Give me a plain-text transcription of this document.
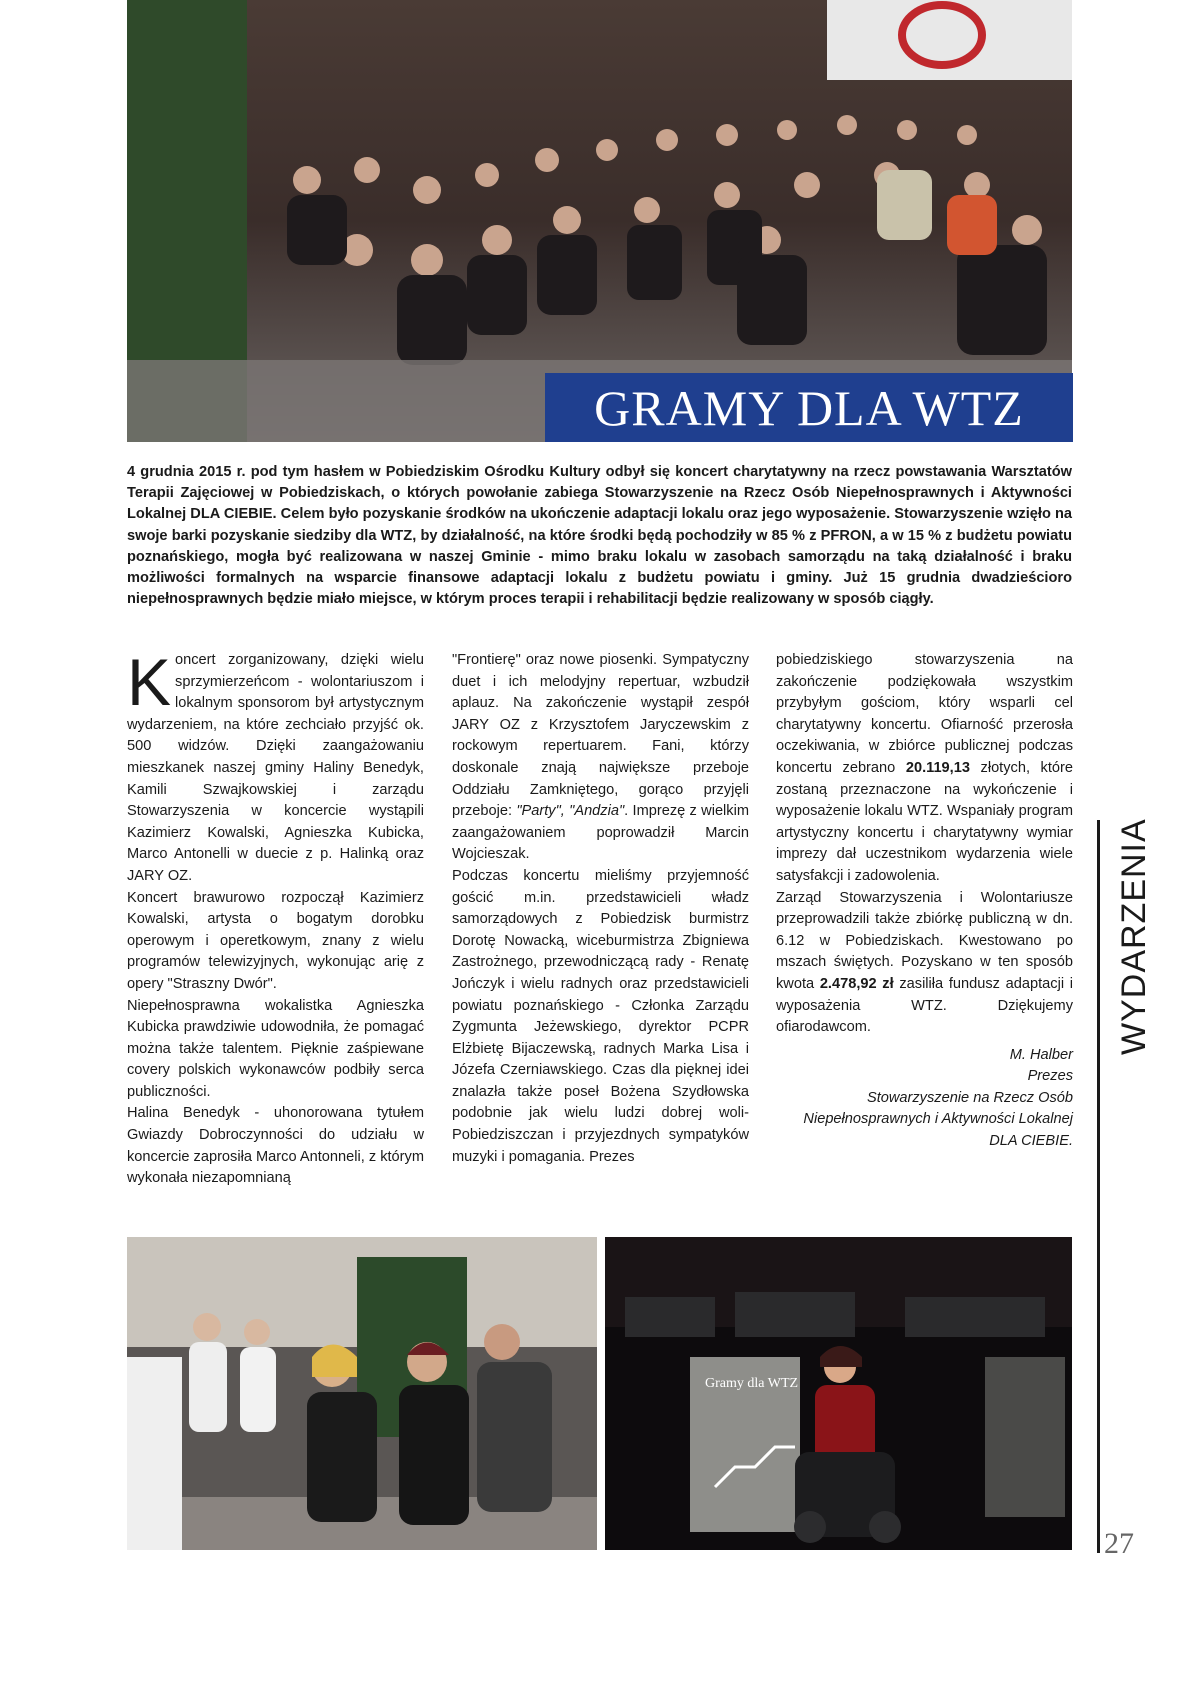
GRAMY DLA WTZ

4 grudnia 2015 r. pod tym hasłem w Pobiedziskim Ośrodku Kultury odbył się koncert charytatywny na rzecz powstawania Warsztatów Terapii Zajęciowej w Pobiedziskach, o których powołanie zabiega Stowarzyszenie na Rzecz Osób Niepełnosprawnych i Aktywności Lokalnej DLA CIEBIE. Celem było pozyskanie środków na ukończenie adaptacji lokalu oraz jego wyposażenie. Stowarzyszenie wzięło na swoje barki pozyskanie siedziby dla WTZ, by działalność, na które środki będą pochodziły w 85 % z PFRON, a w 15 % z budżetu powiatu poznańskiego, mogła być realizowana w naszej Gminie - mimo braku lokalu w zasobach samorządu na taką działalność i braku możliwości formalnych na wsparcie finansowe adaptacji lokalu z budżetu powiatu i gminy. Już 15 grudnia dwadzieścioro niepełnosprawnych będzie miało miejsce, w którym proces terapii i rehabilitacji będzie realizowany w sposób ciągły.

Koncert zorganizowany, dzięki wielu sprzymierzeńcom - wolontariuszom i lokalnym sponsorom był artystycznym wydarzeniem, na które zechciało przyjść ok. 500 widzów. Dzięki zaangażowaniu mieszkanek naszej gminy Haliny Benedyk, Kamili Szwajkowskiej i zarządu Stowarzyszenia w koncercie wystąpili Kazimierz Kowalski, Agnieszka Kubicka, Marco Antonelli w duecie z p. Halinką oraz JARY OZ.

Koncert brawurowo rozpoczął Kazimierz Kowalski, artysta o bogatym dorobku operowym i operetkowym, znany z wielu programów telewizyjnych, wykonując arię z opery "Straszny Dwór".

Niepełnosprawna wokalistka Agnieszka Kubicka prawdziwie udowodniła, że pomagać można także talentem. Pięknie zaśpiewane covery polskich wykonawców podbiły serca publiczności.

Halina Benedyk - uhonorowana tytułem Gwiazdy Dobroczynności do udziału w koncercie zaprosiła Marco Antonneli, z którym wykonała niezapomnianą

"Frontierę" oraz nowe piosenki. Sympatyczny duet i ich melodyjny repertuar, wzbudził aplauz. Na zakończenie wystąpił zespół JARY OZ z Krzysztofem Jaryczewskim z rockowym repertuarem. Fani, którzy doskonale znają największe przeboje Oddziału Zamkniętego, gorąco przyjęli przeboje: "Party", "Andzia". Imprezę z wielkim zaangażowaniem poprowadził Marcin Wojcieszak.

Podczas koncertu mieliśmy przyjemność gościć m.in. przedstawicieli władz samorządowych z Pobiedzisk burmistrz Dorotę Nowacką, wiceburmistrza Zbigniewa Zastrożnego, przewodniczącą rady - Renatę Jończyk i wielu radnych oraz przedstawicieli powiatu poznańskiego - Członka Zarządu Zygmunta Jeżewskiego, dyrektor PCPR Elżbietę Bijaczewską, radnych Marka Lisa i Józefa Czerniawskiego. Czas dla pięknej idei znalazła także poseł Bożena Szydłowska podobnie jak wielu ludzi dobrej woli- Pobiedziszczan i przyjezdnych sympatyków muzyki i pomagania. Prezes

pobiedziskiego stowarzyszenia na zakończenie podziękowała wszystkim przybyłym gościom, który wsparli cel charytatywny koncertu. Ofiarność przerosła oczekiwania, w zbiórce publicznej podczas koncertu zebrano 20.119,13 złotych, które zostaną przeznaczone na wykończenie i wyposażenie lokalu WTZ. Wspaniały program artystyczny koncertu i charytatywny wymiar imprezy dał uczestnikom wydarzenia wiele satysfakcji i zadowolenia.

Zarząd Stowarzyszenia i Wolontariusze przeprowadzili także zbiórkę publiczną w dn. 6.12 w Pobiedziskach. Kwestowano po mszach świętych. Pozyskano w ten sposób kwota 2.478,92 zł zasiliła fundusz adaptacji i wyposażenia WTZ. Dziękujemy ofiarodawcom.

M. Halber
Prezes
Stowarzyszenie na Rzecz Osób Niepełnosprawnych i Aktywności Lokalnej DLA CIEBIE.

WYDARZENIA
Gramy dla WTZ
27
